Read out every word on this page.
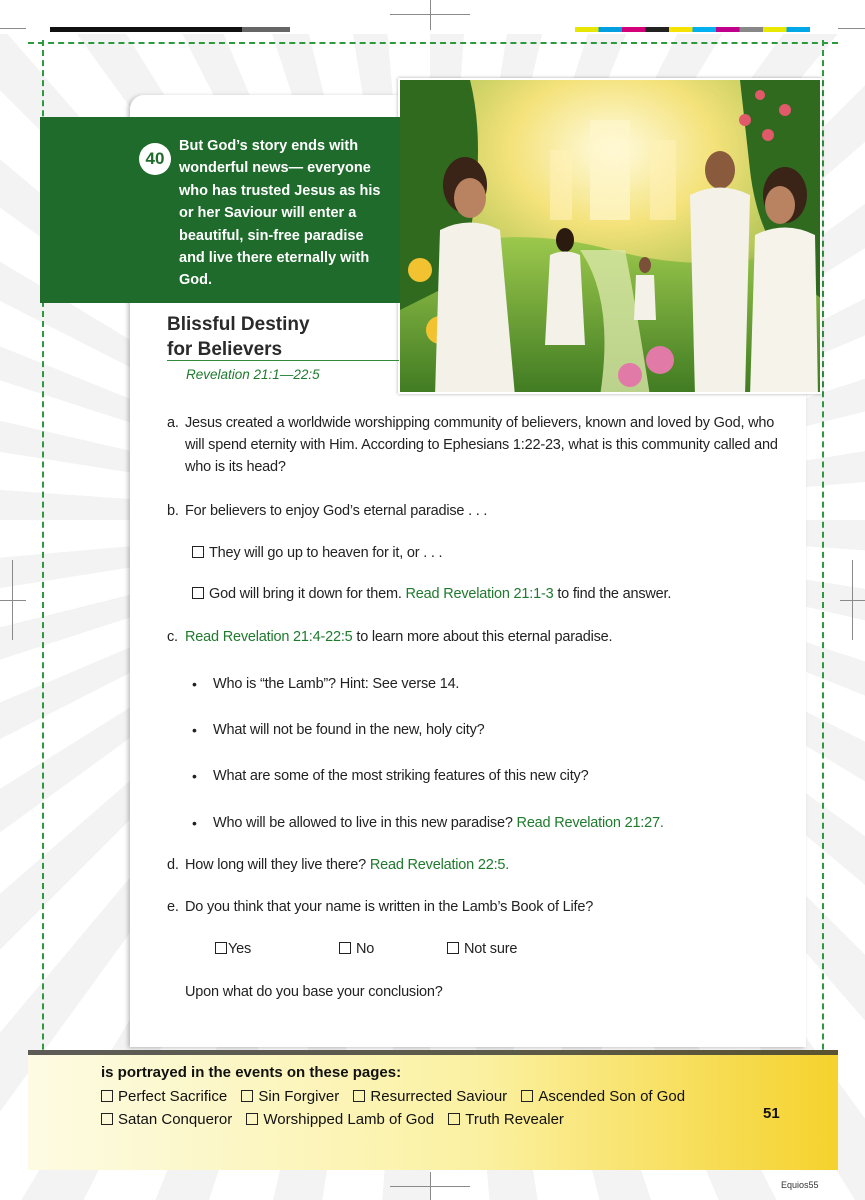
40
But God’s story ends with wonderful news— everyone who has trusted Jesus as his or her Saviour will enter a beautiful, sin-free paradise and live there eternally with God.
Blissful Destiny
for Believers
Revelation 21:1—22:5
a. Jesus created a worldwide worshipping community of believers, known and loved by God, who
will spend eternity with Him. According to Ephesians 1:22-23, what is this community called and
who is its head?
b. For believers to enjoy God’s eternal paradise . . .
They will go up to heaven for it, or . . .
God will bring it down for them. Read Revelation 21:1-3 to find the answer.
c. Read Revelation 21:4-22:5 to learn more about this eternal paradise.
• Who is “the Lamb”? Hint: See verse 14.
• What will not be found in the new, holy city?
• What are some of the most striking features of this new city?
• Who will be allowed to live in this new paradise? Read Revelation 21:27.
d. How long will they live there? Read Revelation 22:5.
e. Do you think that your name is written in the Lamb’s Book of Life?
Yes	No	Not sure
Upon what do you base your conclusion?
is portrayed in the events on these pages:
Perfect Sacrifice Sin Forgiver Resurrected Saviour Ascended Son of God
Satan Conqueror Worshipped Lamb of God Truth Revealer	51
Equios55
